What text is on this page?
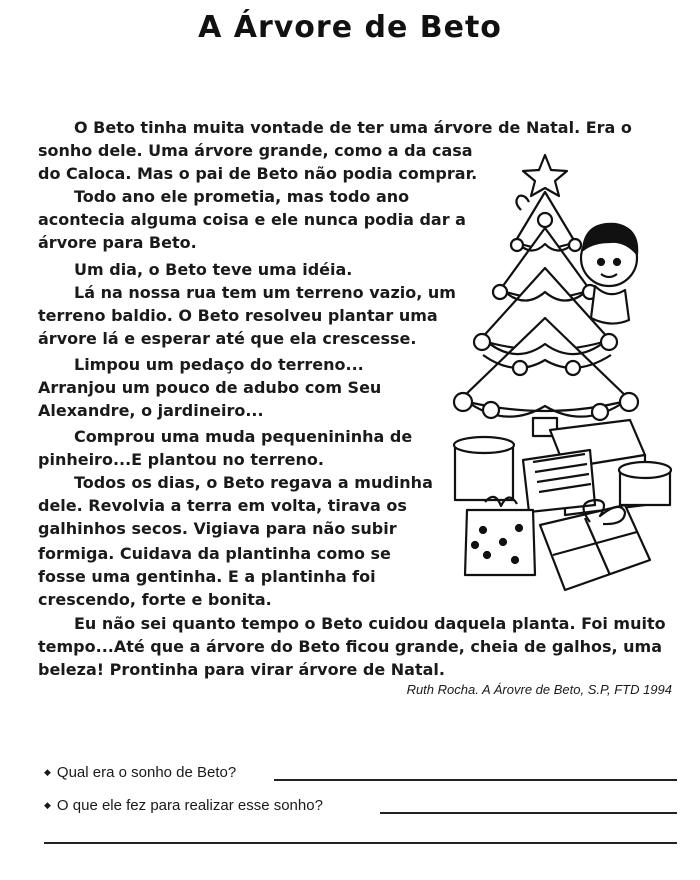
A Árvore de Beto
O Beto tinha muita vontade de ter uma árvore de Natal. Era o
sonho dele. Uma árvore grande, como a da casa
do Caloca. Mas o pai de Beto não podia comprar.
Todo ano ele prometia, mas todo ano
acontecia alguma coisa e ele nunca podia dar a
árvore para Beto.
Um dia, o Beto teve uma idéia.
Lá na nossa rua tem um terreno vazio, um
terreno baldio. O Beto resolveu plantar uma
árvore lá e esperar até que ela crescesse.
Limpou um pedaço do terreno...
Arranjou um pouco de adubo com Seu
Alexandre, o jardineiro...
Comprou uma muda pequenininha de
pinheiro...E plantou no terreno.
Todos os dias, o Beto regava a mudinha
dele. Revolvia a terra em volta, tirava os
galhinhos secos. Vigiava para não subir
formiga. Cuidava da plantinha como se
fosse uma gentinha. E a plantinha foi
crescendo, forte e bonita.
Eu não sei quanto tempo o Beto cuidou daquela planta. Foi muito
tempo...Até que a árvore do Beto ficou grande, cheia de galhos, uma
beleza! Prontinha para virar árvore de Natal.
Ruth Rocha. A Árovre de Beto, S.P, FTD 1994
◆ Qual era o sonho de Beto?
◆ O que ele fez para realizar esse sonho?
